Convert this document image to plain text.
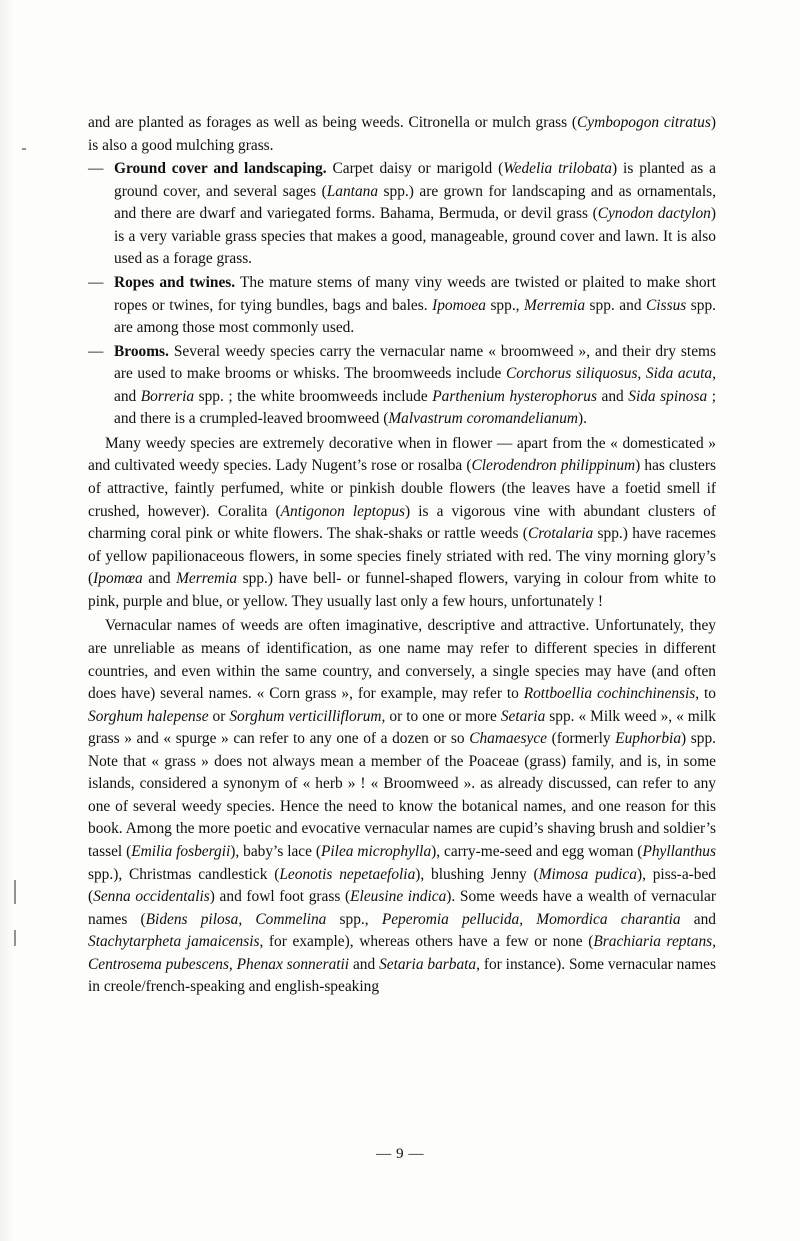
and are planted as forages as well as being weeds. Citronella or mulch grass (Cymbopogon citratus) is also a good mulching grass.

— Ground cover and landscaping. Carpet daisy or marigold (Wedelia trilobata) is planted as a ground cover, and several sages (Lantana spp.) are grown for landscaping and as ornamentals, and there are dwarf and variegated forms. Bahama, Bermuda, or devil grass (Cynodon dactylon) is a very variable grass species that makes a good, manageable, ground cover and lawn. It is also used as a forage grass.
— Ropes and twines. The mature stems of many viny weeds are twisted or plaited to make short ropes or twines, for tying bundles, bags and bales. Ipomoea spp., Merremia spp. and Cissus spp. are among those most commonly used.
— Brooms. Several weedy species carry the vernacular name « broomweed », and their dry stems are used to make brooms or whisks. The broomweeds include Corchorus siliquosus, Sida acuta, and Borreria spp. ; the white broomweeds include Parthenium hysterophorus and Sida spinosa ; and there is a crumpled-leaved broomweed (Malvastrum coromandelianum).

Many weedy species are extremely decorative when in flower — apart from the « domesticated » and cultivated weedy species. Lady Nugent’s rose or rosalba (Clerodendron philippinum) has clusters of attractive, faintly perfumed, white or pinkish double flowers (the leaves have a foetid smell if crushed, however). Coralita (Antigonon leptopus) is a vigorous vine with abundant clusters of charming coral pink or white flowers. The shak-shaks or rattle weeds (Crotalaria spp.) have racemes of yellow papilionaceous flowers, in some species finely striated with red. The viny morning glory’s (Ipomœa and Merremia spp.) have bell- or funnel-shaped flowers, varying in colour from white to pink, purple and blue, or yellow. They usually last only a few hours, unfortunately !

Vernacular names of weeds are often imaginative, descriptive and attractive. Unfortunately, they are unreliable as means of identification, as one name may refer to different species in different countries, and even within the same country, and conversely, a single species may have (and often does have) several names. « Corn grass », for example, may refer to Rottboellia cochinchinensis, to Sorghum halepense or Sorghum verticilliflorum, or to one or more Setaria spp. « Milk weed », « milk grass » and « spurge » can refer to any one of a dozen or so Chamaesyce (formerly Euphorbia) spp. Note that « grass » does not always mean a member of the Poaceae (grass) family, and is, in some islands, considered a synonym of « herb » ! « Broomweed ». as already discussed, can refer to any one of several weedy species. Hence the need to know the botanical names, and one reason for this book. Among the more poetic and evocative vernacular names are cupid’s shaving brush and soldier’s tassel (Emilia fosbergii), baby’s lace (Pilea microphylla), carry-me-seed and egg woman (Phyllanthus spp.), Christmas candlestick (Leonotis nepetaefolia), blushing Jenny (Mimosa pudica), piss-a-bed (Senna occidentalis) and fowl foot grass (Eleusine indica). Some weeds have a wealth of vernacular names (Bidens pilosa, Commelina spp., Peperomia pellucida, Momordica charantia and Stachytarpheta jamaicensis, for example), whereas others have a few or none (Brachiaria reptans, Centrosema pubescens, Phenax sonneratii and Setaria barbata, for instance). Some vernacular names in creole/french-speaking and english-speaking

— 9 —
